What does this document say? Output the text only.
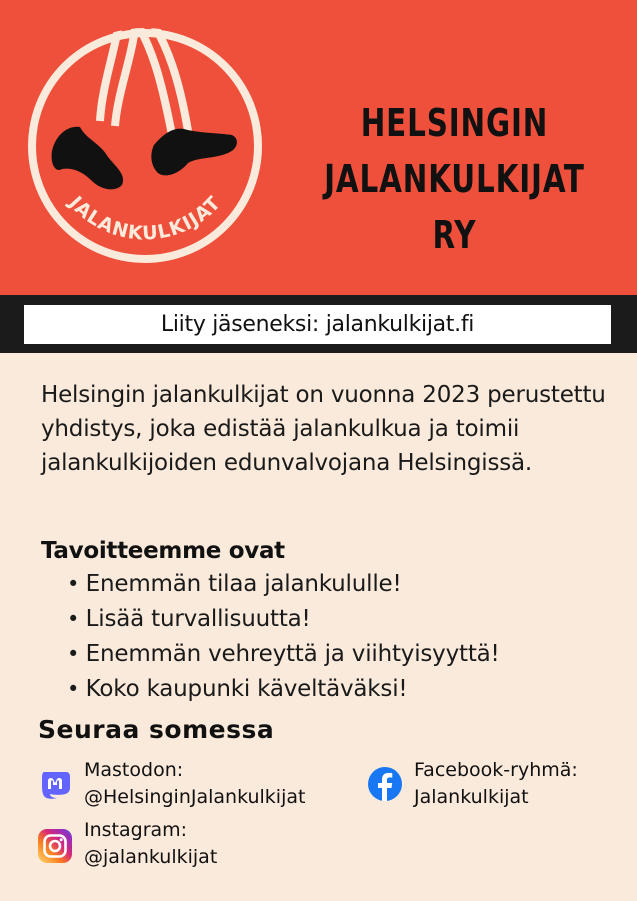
JALANKULKIJAT
HELSINGIN
JALANKULKIJAT RY
Liity jäseneksi: jalankulkijat.fi
Helsingin jalankulkijat on vuonna 2023 perustettu yhdistys, joka edistää jalankulkua ja toimii jalankulkijoiden edunvalvojana Helsingissä.
Tavoitteemme ovat
• Enemmän tilaa jalankululle!
• Lisää turvallisuutta!
• Enemmän vehreyttä ja viihtyisyyttä!
• Koko kaupunki käveltäväksi!
Seuraa somessa
Mastodon:
@HelsinginJalankulkijat
Facebook-ryhmä:
Jalankulkijat
Instagram:
@jalankulkijat
